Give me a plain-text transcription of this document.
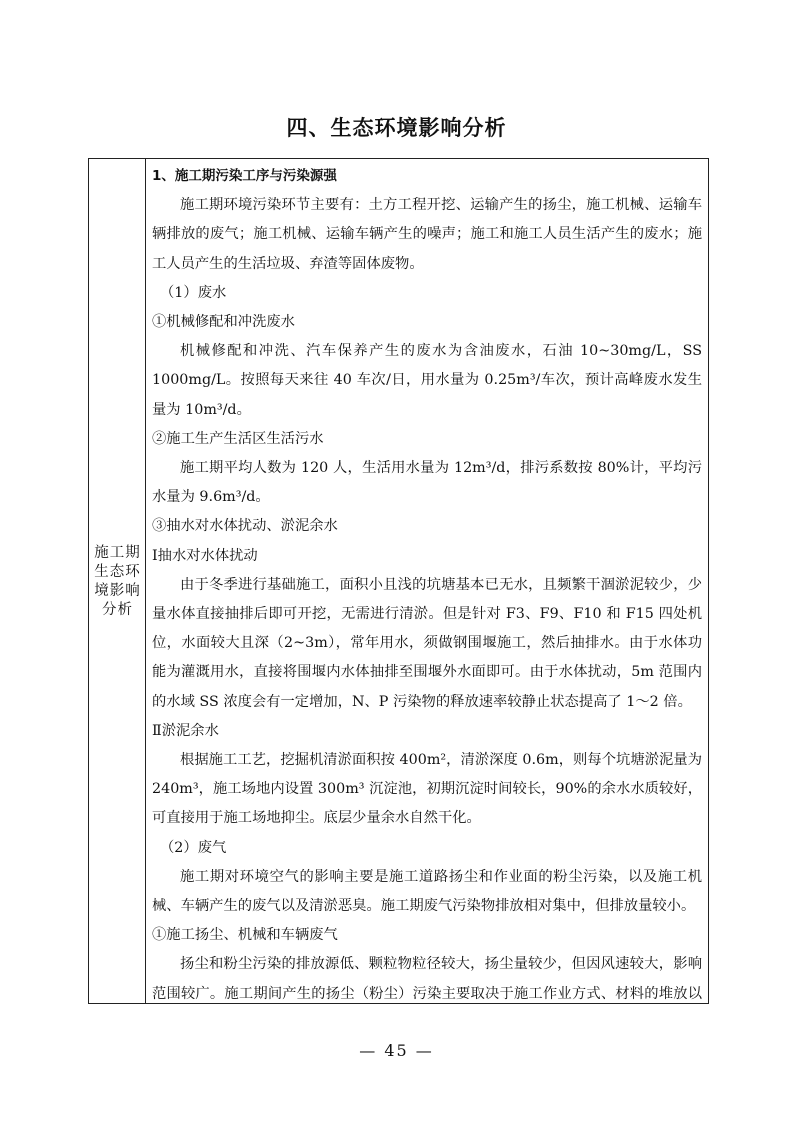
四、生态环境影响分析
施工期
生态环
境影响
分析

1、施工期污染工序与污染源强

施工期环境污染环节主要有：土方工程开挖、运输产生的扬尘，施工机械、运输车辆排放的废气；施工机械、运输车辆产生的噪声；施工和施工人员生活产生的废水；施工人员产生的生活垃圾、弃渣等固体废物。

（1）废水

①机械修配和冲洗废水

机械修配和冲洗、汽车保养产生的废水为含油废水，石油 10~30mg/L，SS 1000mg/L。按照每天来往 40 车次/日，用水量为 0.25m³/车次，预计高峰废水发生量为 10m³/d。

②施工生产生活区生活污水

施工期平均人数为 120 人，生活用水量为 12m³/d，排污系数按 80%计，平均污水量为 9.6m³/d。

③抽水对水体扰动、淤泥余水

Ⅰ抽水对水体扰动

由于冬季进行基础施工，面积小且浅的坑塘基本已无水，且频繁干涸淤泥较少，少量水体直接抽排后即可开挖，无需进行清淤。但是针对 F3、F9、F10 和 F15 四处机位，水面较大且深（2~3m），常年用水，须做钢围堰施工，然后抽排水。由于水体功能为灌溉用水，直接将围堰内水体抽排至围堰外水面即可。由于水体扰动，5m 范围内的水域 SS 浓度会有一定增加，N、P 污染物的释放速率较静止状态提高了 1～2 倍。

Ⅱ淤泥余水

根据施工工艺，挖掘机清淤面积按 400m²，清淤深度 0.6m，则每个坑塘淤泥量为 240m³，施工场地内设置 300m³ 沉淀池，初期沉淀时间较长，90%的余水水质较好，可直接用于施工场地抑尘。底层少量余水自然干化。

（2）废气

施工期对环境空气的影响主要是施工道路扬尘和作业面的粉尘污染，以及施工机械、车辆产生的废气以及清淤恶臭。施工期废气污染物排放相对集中，但排放量较小。

①施工扬尘、机械和车辆废气

扬尘和粉尘污染的排放源低、颗粒物粒径较大，扬尘量较少，但因风速较大，影响范围较广。施工期间产生的扬尘（粉尘）污染主要取决于施工作业方式、材料的堆放以

— 45 —
